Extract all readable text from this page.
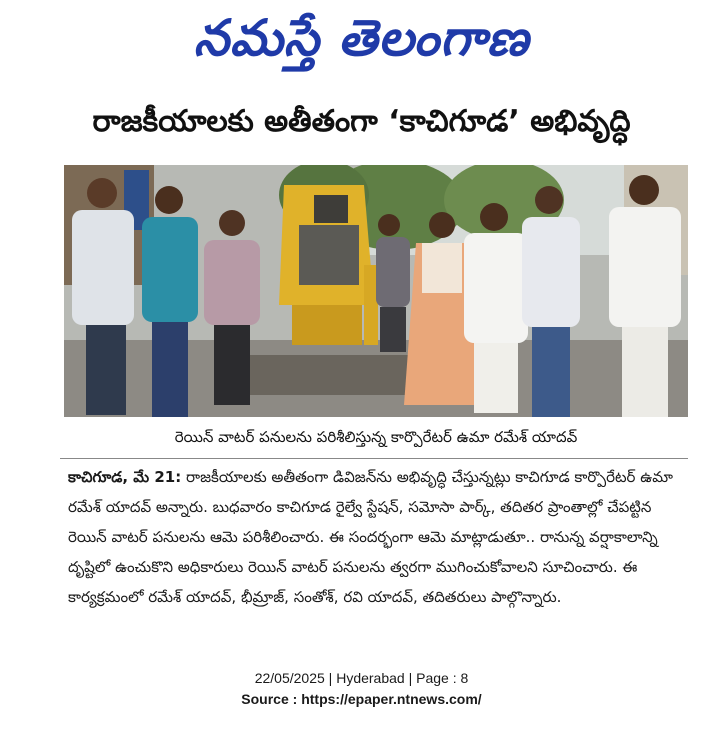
నమస్తే తెలంగాణ
రాజకీయాలకు అతీతంగా ‘కాచిగూడ’ అభివృద్ధి
రెయిన్ వాటర్ పనులను పరిశీలిస్తున్న కార్పొరేటర్ ఉమా రమేశ్ యాదవ్
కాచిగూడ, మే 21: రాజకీయాలకు అతీతంగా డివిజన్‌ను అభివృద్ధి చేస్తున్నట్లు కాచిగూడ కార్పొరేటర్ ఉమా రమేశ్ యాదవ్ అన్నారు. బుధవారం కాచిగూడ రైల్వే స్టేషన్, సమోసా పార్క్, తదితర ప్రాంతాల్లో చేపట్టిన రెయిన్ వాటర్ పనులను ఆమె పరిశీలించారు. ఈ సందర్భంగా ఆమె మాట్లాడుతూ.. రానున్న వర్షాకాలాన్ని దృష్టిలో ఉంచుకొని అధికారులు రెయిన్ వాటర్ పనులను త్వరగా ముగించుకోవాలని సూచించారు. ఈ కార్యక్రమంలో రమేశ్ యాదవ్, భీమ్రాజ్, సంతోశ్, రవి యాదవ్, తదితరులు పాల్గొన్నారు.
22/05/2025 | Hyderabad | Page : 8
Source : https://epaper.ntnews.com/
